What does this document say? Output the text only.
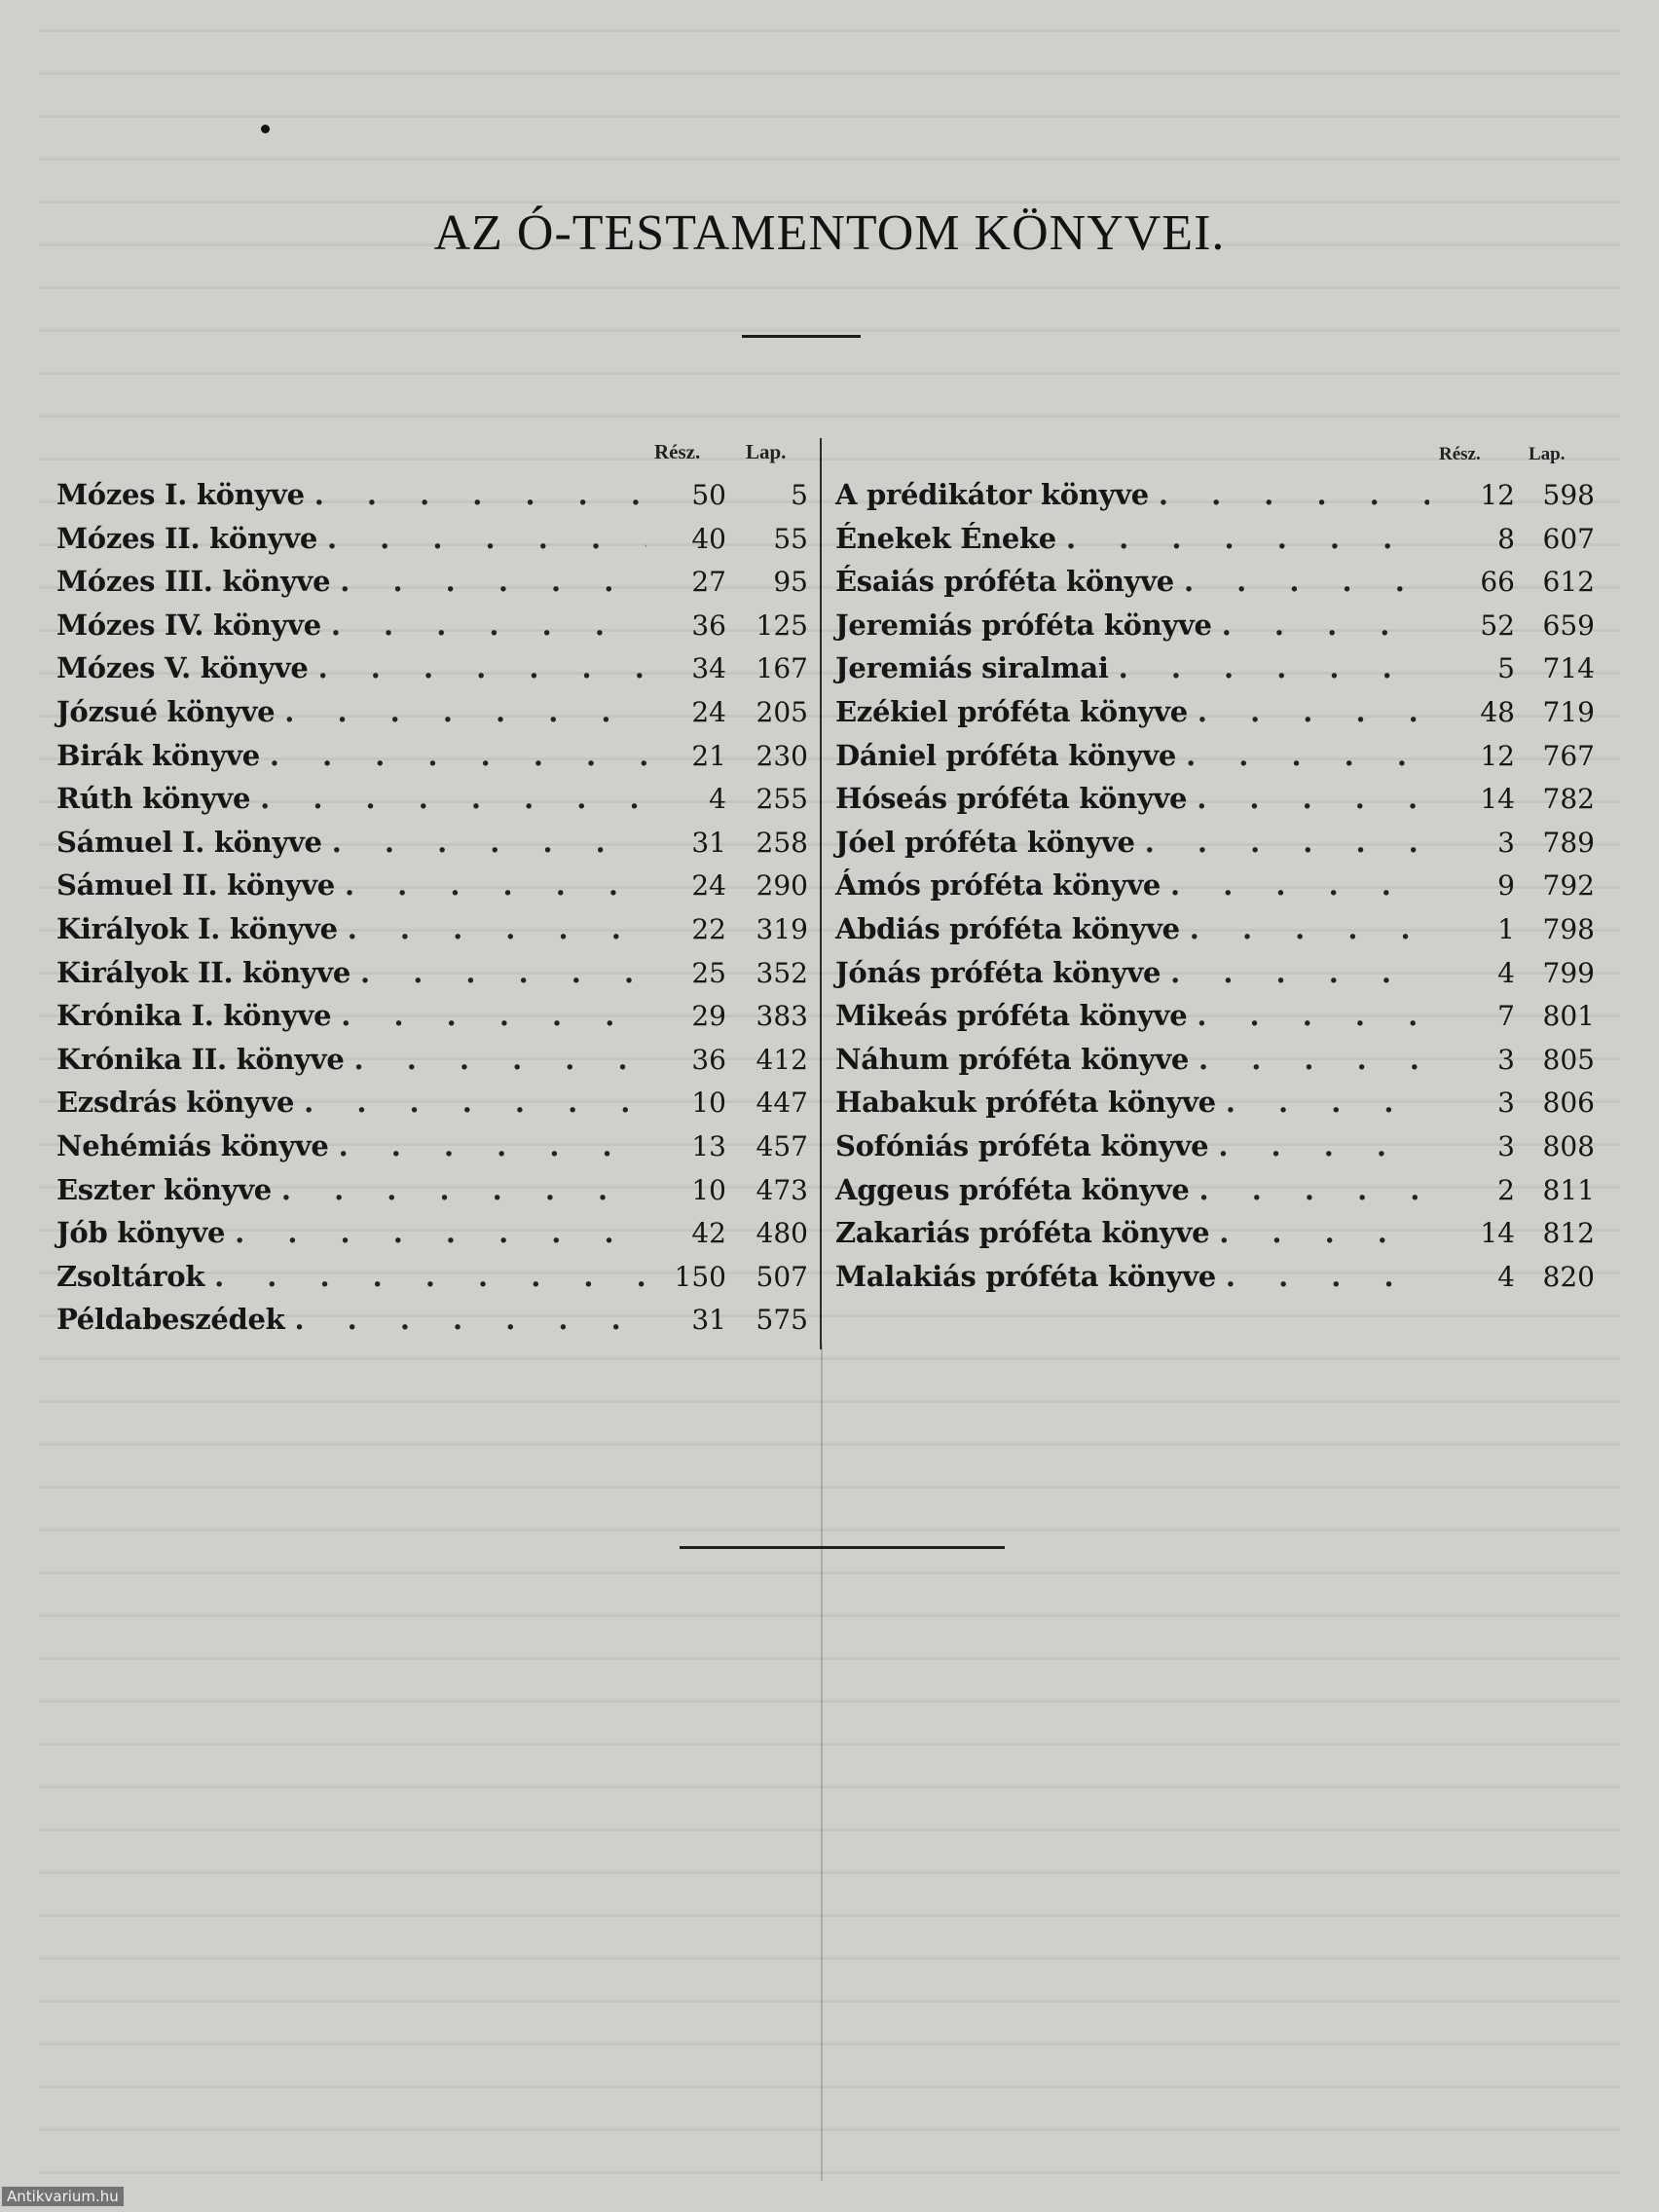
AZ Ó-TESTAMENTOM KÖNYVEI.
Rész. Lap.	Rész.	Lap.
Mózes I. könyve . . .	50	5
Mózes II. könyve . . .	40	55
Mózes III. könyve . . .	27	95
Mózes IV. könyve . . .	36	125
Mózes V. könyve . . .	34	167
Józsué könyve . . .	24	205
Birák könyve . . .	21	230
Rúth könyve . . .	4	255
Sámuel I. könyve . . .	31	258
Sámuel II. könyve . . .	24	290
Királyok I. könyve . . .	22	319
Királyok II. könyve . . .	25	352
Krónika I. könyve . . .	29	383
Krónika II. könyve . . .	36	412
Ezsdrás könyve . . .	10	447
Nehémiás könyve . . .	13	457
Eszter könyve . . .	10	473
Jób könyve . . .	42	480
Zsoltárok . . .	150	507
Példabeszédek . . .	31	575
A prédikátor könyve . . .	12	598
Énekek Éneke . . .	8	607
Ésaiás próféta könyve . . .	66	612
Jeremiás próféta könyve . . .	52	659
Jeremiás siralmai . . .	5	714
Ezékiel próféta könyve . . .	48	719
Dániel próféta könyve . . .	12	767
Hóseás próféta könyve . . .	14	782
Jóel próféta könyve . . .	3	789
Ámós próféta könyve . . .	9	792
Abdiás próféta könyve . . .	1	798
Jónás próféta könyve . . .	4	799
Mikeás próféta könyve . . .	7	801
Náhum próféta könyve . . .	3	805
Habakuk próféta könyve . . .	3	806
Sofóniás próféta könyve . . .	3	808
Aggeus próféta könyve . . .	2	811
Zakariás próféta könyve . . .	14	812
Malakiás próféta könyve . . .	4	820
Antikvarium.hu
